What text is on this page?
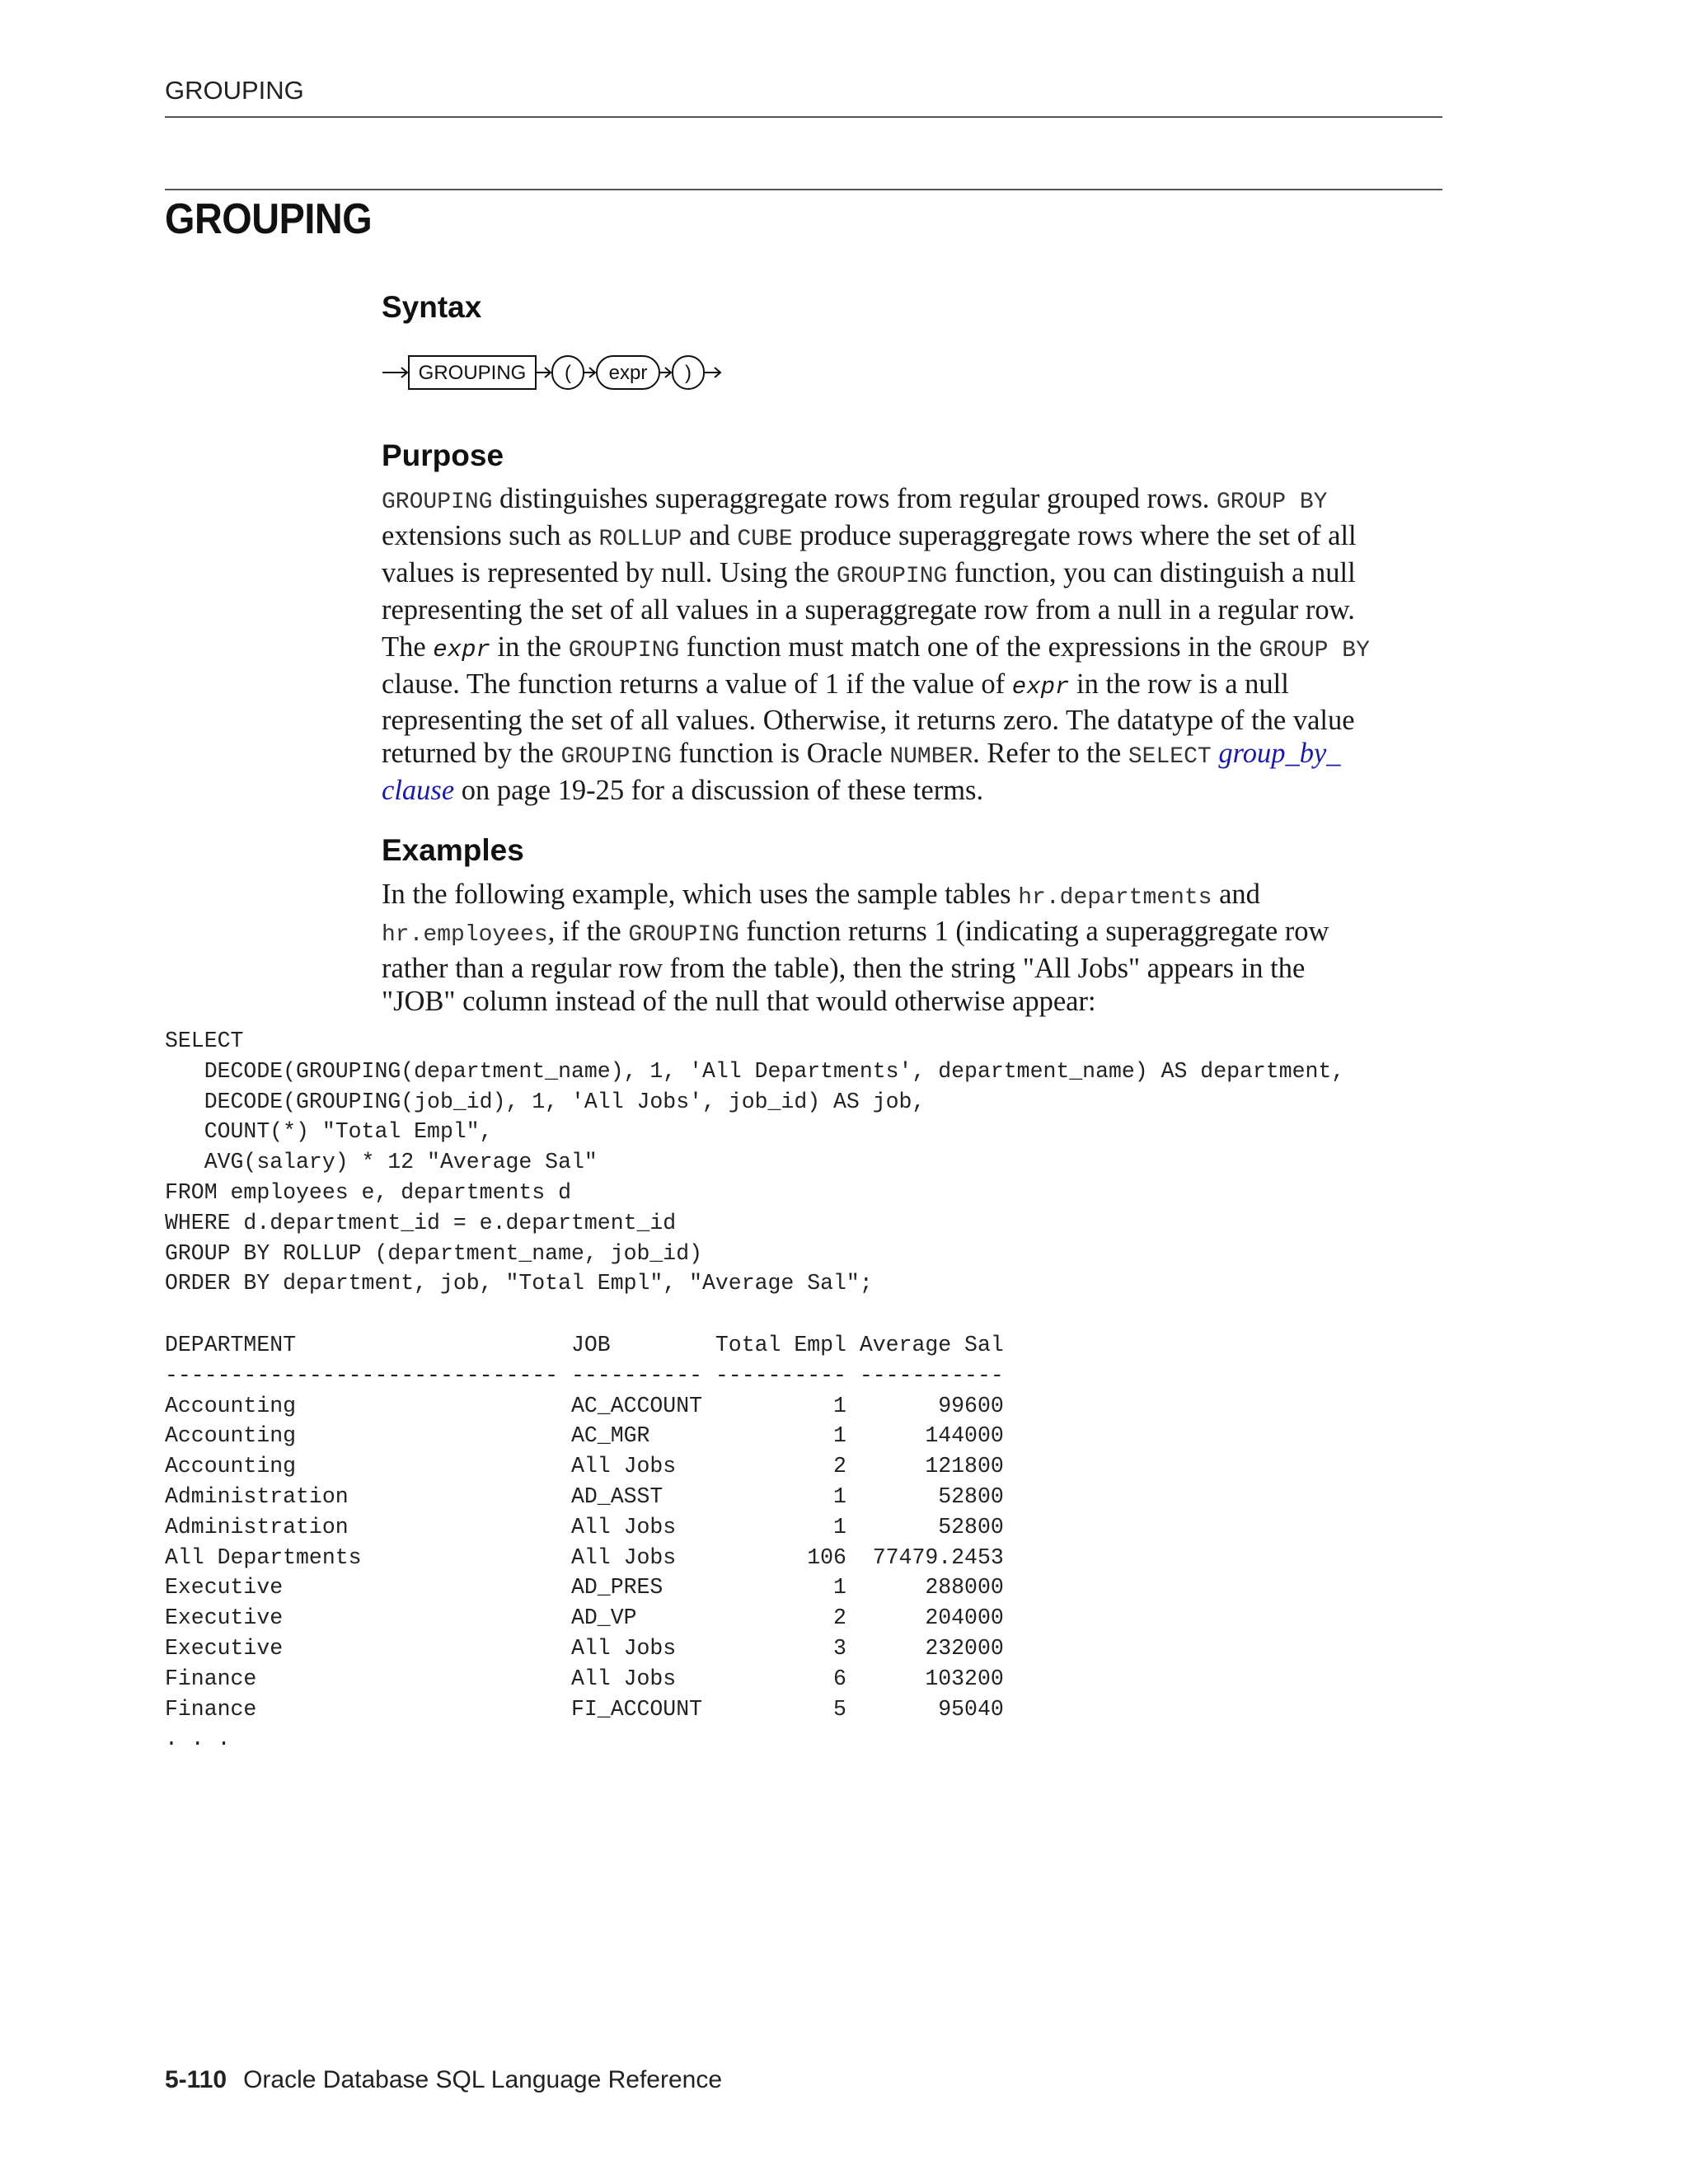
GROUPING
GROUPING
Syntax
GROUPING ( expr )
Purpose
GROUPING distinguishes superaggregate rows from regular grouped rows. GROUP BY
extensions such as ROLLUP and CUBE produce superaggregate rows where the set of all
values is represented by null. Using the GROUPING function, you can distinguish a null
representing the set of all values in a superaggregate row from a null in a regular row.
The expr in the GROUPING function must match one of the expressions in the GROUP BY
clause. The function returns a value of 1 if the value of expr in the row is a null
representing the set of all values. Otherwise, it returns zero. The datatype of the value
returned by the GROUPING function is Oracle NUMBER. Refer to the SELECT group_by_
clause on page 19-25 for a discussion of these terms.
Examples
In the following example, which uses the sample tables hr.departments and
hr.employees, if the GROUPING function returns 1 (indicating a superaggregate row
rather than a regular row from the table), then the string "All Jobs" appears in the
"JOB" column instead of the null that would otherwise appear:
SELECT
DECODE(GROUPING(department_name), 1, 'All Departments', department_name) AS department,
DECODE(GROUPING(job_id), 1, 'All Jobs', job_id) AS job,
COUNT(*) "Total Empl",
AVG(salary) * 12 "Average Sal"
FROM employees e, departments d
WHERE d.department_id = e.department_id
GROUP BY ROLLUP (department_name, job_id)
ORDER BY department, job, "Total Empl", "Average Sal";
DEPARTMENT                     JOB        Total Empl Average Sal
------------------------------ ---------- ---------- -----------
Accounting                     AC_ACCOUNT          1       99600
Accounting                     AC_MGR              1      144000
Accounting                     All Jobs            2      121800
Administration                 AD_ASST             1       52800
Administration                 All Jobs            1       52800
All Departments                All Jobs          106  77479.2453
Executive                      AD_PRES             1      288000
Executive                      AD_VP               2      204000
Executive                      All Jobs            3      232000
Finance                        All Jobs            6      103200
Finance                        FI_ACCOUNT          5       95040
. . .
5-110 Oracle Database SQL Language Reference
